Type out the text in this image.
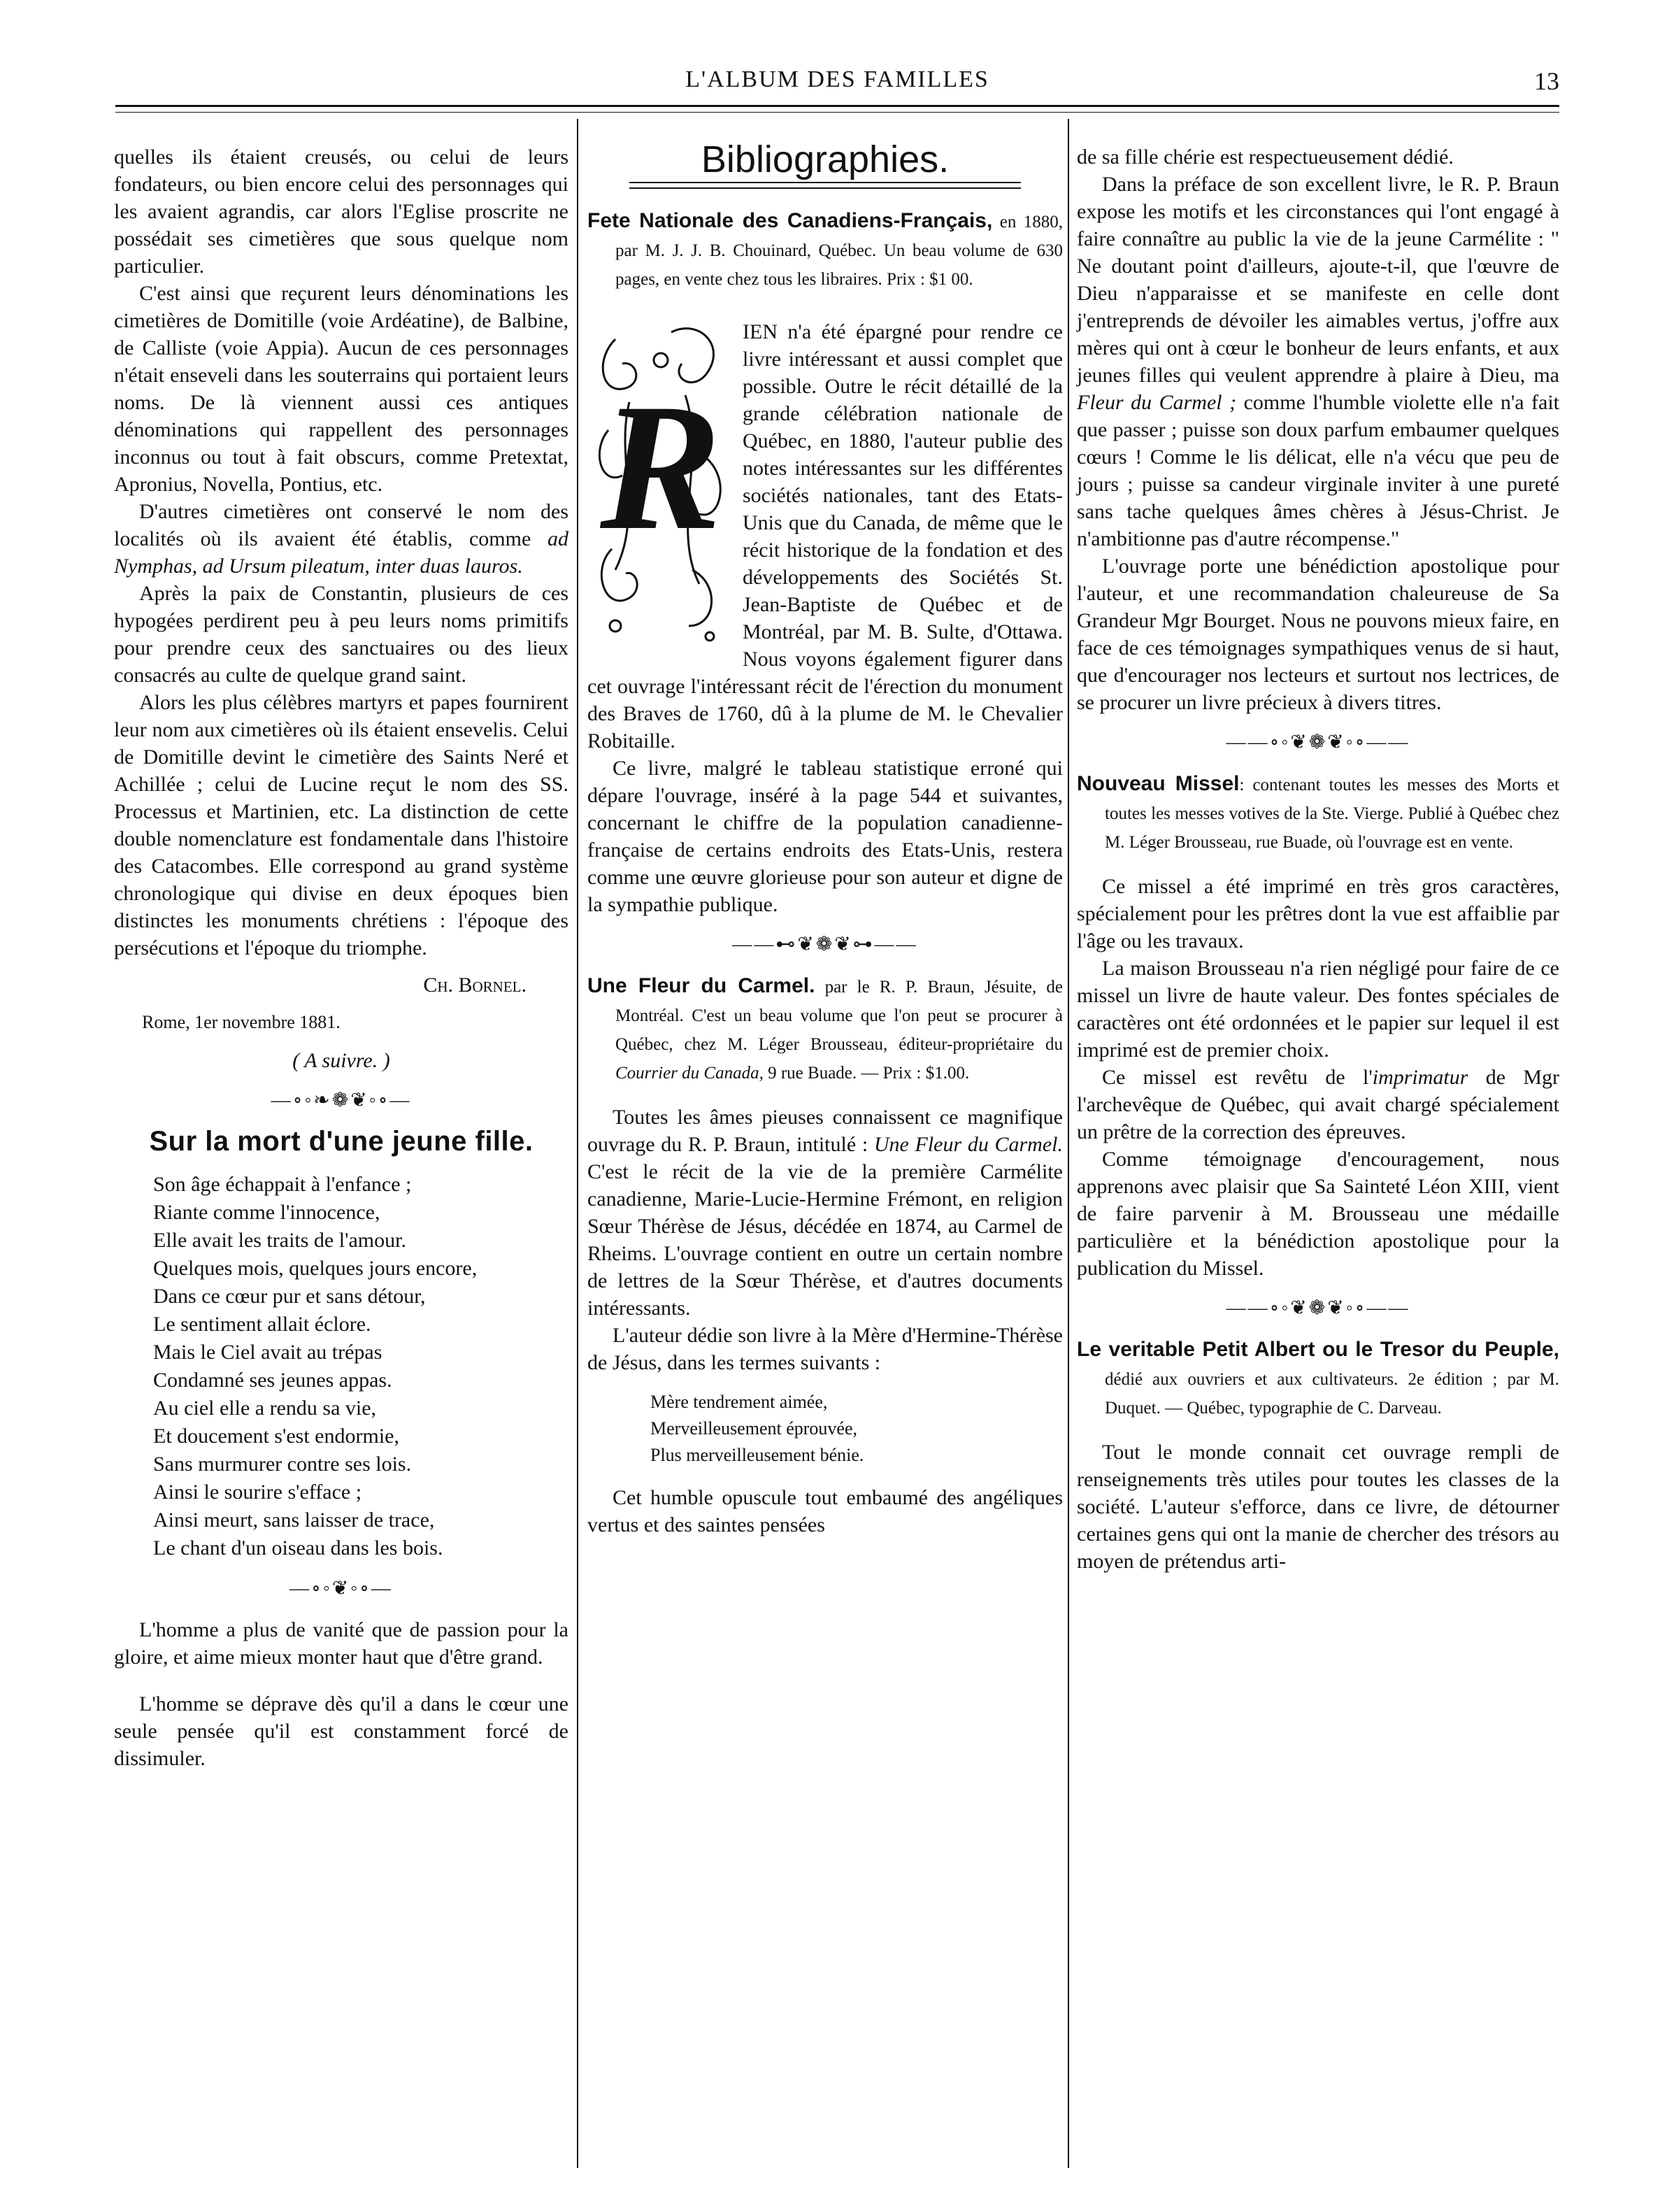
L'ALBUM DES FAMILLES	13

quelles ils étaient creusés, ou celui de leurs fondateurs, ou bien encore celui des personnages qui les avaient agrandis, car alors l'Eglise proscrite ne possédait ses cimetières que sous quelque nom particulier.

C'est ainsi que reçurent leurs dénominations les cimetières de Domitille (voie Ardéatine), de Balbine, de Calliste (voie Appia). Aucun de ces personnages n'était enseveli dans les souterrains qui portaient leurs noms. De là viennent aussi ces antiques dénominations qui rappellent des personnages inconnus ou tout à fait obscurs, comme Pretextat, Apronius, Novella, Pontius, etc.

D'autres cimetières ont conservé le nom des localités où ils avaient été établis, comme ad Nymphas, ad Ursum pileatum, inter duas lauros.

Après la paix de Constantin, plusieurs de ces hypogées perdirent peu à peu leurs noms primitifs pour prendre ceux des sanctuaires ou des lieux consacrés au culte de quelque grand saint.

Alors les plus célèbres martyrs et papes fournirent leur nom aux cimetières où ils étaient ensevelis. Celui de Domitille devint le cimetière des Saints Neré et Achillée ; celui de Lucine reçut le nom des SS. Processus et Martinien, etc. La distinction de cette double nomenclature est fondamentale dans l'histoire des Catacombes. Elle correspond au grand système chronologique qui divise en deux époques bien distinctes les monuments chrétiens : l'époque des persécutions et l'époque du triomphe.

Ch. Bornel.
Rome, 1er novembre 1881.
( A suivre. )
—∘◦❧❁❦◦∘—
Sur la mort d'une jeune fille.
Son âge échappait à l'enfance ;
Riante comme l'innocence,
Elle avait les traits de l'amour.
Quelques mois, quelques jours encore,
Dans ce cœur pur et sans détour,
Le sentiment allait éclore.
Mais le Ciel avait au trépas
Condamné ses jeunes appas.
Au ciel elle a rendu sa vie,
Et doucement s'est endormie,
Sans murmurer contre ses lois.
Ainsi le sourire s'efface ;
Ainsi meurt, sans laisser de trace,
Le chant d'un oiseau dans les bois.
—∘◦❦◦∘—

L'homme a plus de vanité que de passion pour la gloire, et aime mieux monter haut que d'être grand.

L'homme se déprave dès qu'il a dans le cœur une seule pensée qu'il est constamment forcé de dissimuler.

Bibliographies.

Fete Nationale des Canadiens-Français, en 1880, par M. J. J. B. Chouinard, Québec. Un beau volume de 630 pages, en vente chez tous les libraires. Prix : $1 00.

R

IEN n'a été épargné pour rendre ce livre intéressant et aussi complet que possible. Outre le récit détaillé de la grande célébration nationale de Québec, en 1880, l'auteur publie des notes intéressantes sur les différentes sociétés nationales, tant des Etats-Unis que du Canada, de même que le récit historique de la fondation et des développements des Sociétés St. Jean-Baptiste de Québec et de Montréal, par M. B. Sulte, d'Ottawa. Nous voyons également figurer dans cet ouvrage l'intéressant récit de l'érection du monument des Braves de 1760, dû à la plume de M. le Chevalier Robitaille.

Ce livre, malgré le tableau statistique erroné qui dépare l'ouvrage, inséré à la page 544 et suivantes, concernant le chiffre de la population canadienne-française de certains endroits des Etats-Unis, restera comme une œuvre glorieuse pour son auteur et digne de la sympathie publique.

——⊷❦❁❦⊶——

Une Fleur du Carmel. par le R. P. Braun, Jésuite, de Montréal. C'est un beau volume que l'on peut se procurer à Québec, chez M. Léger Brousseau, éditeur-propriétaire du Courrier du Canada, 9 rue Buade. — Prix : $1.00.

Toutes les âmes pieuses connaissent ce magnifique ouvrage du R. P. Braun, intitulé : Une Fleur du Carmel. C'est le récit de la vie de la première Carmélite canadienne, Marie-Lucie-Hermine Frémont, en religion Sœur Thérèse de Jésus, décédée en 1874, au Carmel de Rheims. L'ouvrage contient en outre un certain nombre de lettres de la Sœur Thérèse, et d'autres documents intéressants.

L'auteur dédie son livre à la Mère d'Hermine-Thérèse de Jésus, dans les termes suivants :

Mère tendrement aimée,
Merveilleusement éprouvée,
Plus merveilleusement bénie.

Cet humble opuscule tout embaumé des angéliques vertus et des saintes pensées

de sa fille chérie est respectueusement dédié.

Dans la préface de son excellent livre, le R. P. Braun expose les motifs et les circonstances qui l'ont engagé à faire connaître au public la vie de la jeune Carmélite : " Ne doutant point d'ailleurs, ajoute-t-il, que l'œuvre de Dieu n'apparaisse et se manifeste en celle dont j'entreprends de dévoiler les aimables vertus, j'offre aux mères qui ont à cœur le bonheur de leurs enfants, et aux jeunes filles qui veulent apprendre à plaire à Dieu, ma Fleur du Carmel ; comme l'humble violette elle n'a fait que passer ; puisse son doux parfum embaumer quelques cœurs ! Comme le lis délicat, elle n'a vécu que peu de jours ; puisse sa candeur virginale inviter à une pureté sans tache quelques âmes chères à Jésus-Christ. Je n'ambitionne pas d'autre récompense."

L'ouvrage porte une bénédiction apostolique pour l'auteur, et une recommandation chaleureuse de Sa Grandeur Mgr Bourget. Nous ne pouvons mieux faire, en face de ces témoignages sympathiques venus de si haut, que d'encourager nos lecteurs et surtout nos lectrices, de se procurer un livre précieux à divers titres.

——∘◦❦❁❦◦∘——

Nouveau Missel: contenant toutes les messes des Morts et toutes les messes votives de la Ste. Vierge. Publié à Québec chez M. Léger Brousseau, rue Buade, où l'ouvrage est en vente.

Ce missel a été imprimé en très gros caractères, spécialement pour les prêtres dont la vue est affaiblie par l'âge ou les travaux.

La maison Brousseau n'a rien négligé pour faire de ce missel un livre de haute valeur. Des fontes spéciales de caractères ont été ordonnées et le papier sur lequel il est imprimé est de premier choix.

Ce missel est revêtu de l'imprimatur de Mgr l'archevêque de Québec, qui avait chargé spécialement un prêtre de la correction des épreuves.

Comme témoignage d'encouragement, nous apprenons avec plaisir que Sa Sainteté Léon XIII, vient de faire parvenir à M. Brousseau une médaille particulière et la bénédiction apostolique pour la publication du Missel.

——∘◦❦❁❦◦∘——

Le veritable Petit Albert ou le Tresor du Peuple, dédié aux ouvriers et aux cultivateurs. 2e édition ; par M. Duquet. — Québec, typographie de C. Darveau.

Tout le monde connait cet ouvrage rempli de renseignements très utiles pour toutes les classes de la société. L'auteur s'efforce, dans ce livre, de détourner certaines gens qui ont la manie de chercher des trésors au moyen de prétendus arti-
